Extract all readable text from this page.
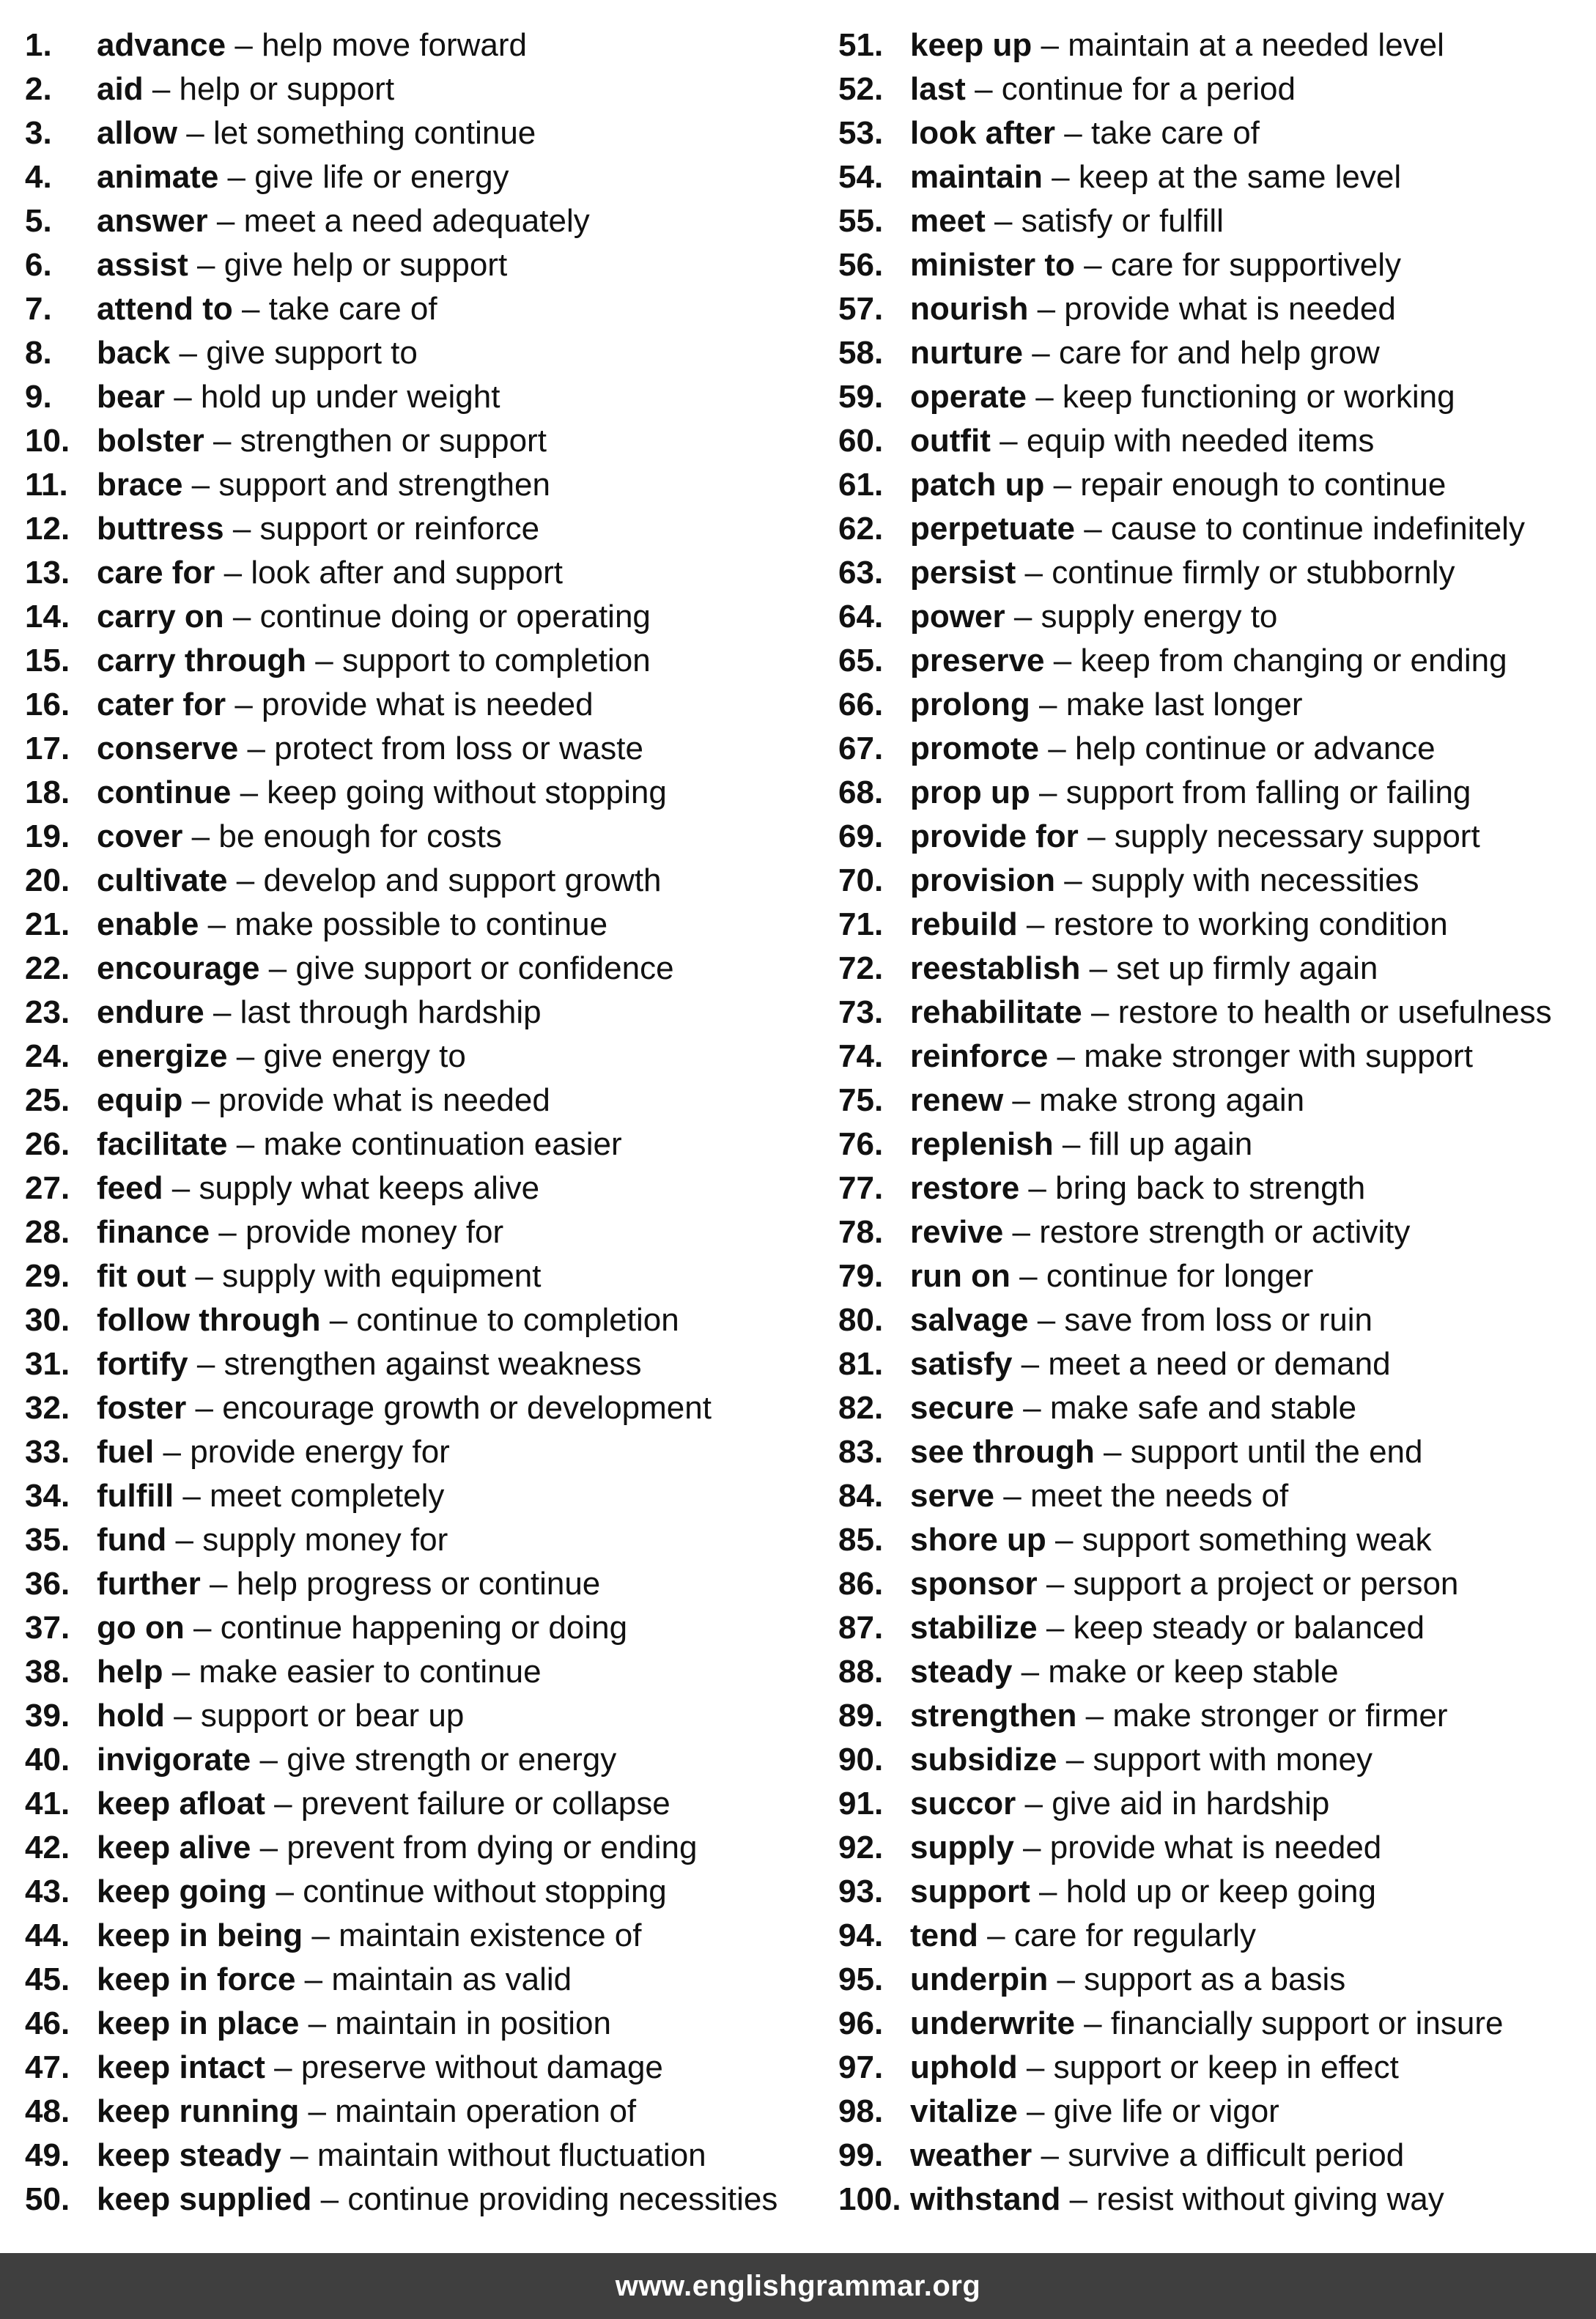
1. advance – help move forward
2. aid – help or support
3. allow – let something continue
4. animate – give life or energy
5. answer – meet a need adequately
6. assist – give help or support
7. attend to – take care of
8. back – give support to
9. bear – hold up under weight
10. bolster – strengthen or support
11. brace – support and strengthen
12. buttress – support or reinforce
13. care for – look after and support
14. carry on – continue doing or operating
15. carry through – support to completion
16. cater for – provide what is needed
17. conserve – protect from loss or waste
18. continue – keep going without stopping
19. cover – be enough for costs
20. cultivate – develop and support growth
21. enable – make possible to continue
22. encourage – give support or confidence
23. endure – last through hardship
24. energize – give energy to
25. equip – provide what is needed
26. facilitate – make continuation easier
27. feed – supply what keeps alive
28. finance – provide money for
29. fit out – supply with equipment
30. follow through – continue to completion
31. fortify – strengthen against weakness
32. foster – encourage growth or development
33. fuel – provide energy for
34. fulfill – meet completely
35. fund – supply money for
36. further – help progress or continue
37. go on – continue happening or doing
38. help – make easier to continue
39. hold – support or bear up
40. invigorate – give strength or energy
41. keep afloat – prevent failure or collapse
42. keep alive – prevent from dying or ending
43. keep going – continue without stopping
44. keep in being – maintain existence of
45. keep in force – maintain as valid
46. keep in place – maintain in position
47. keep intact – preserve without damage
48. keep running – maintain operation of
49. keep steady – maintain without fluctuation
50. keep supplied – continue providing necessities
51. keep up – maintain at a needed level
52. last – continue for a period
53. look after – take care of
54. maintain – keep at the same level
55. meet – satisfy or fulfill
56. minister to – care for supportively
57. nourish – provide what is needed
58. nurture – care for and help grow
59. operate – keep functioning or working
60. outfit – equip with needed items
61. patch up – repair enough to continue
62. perpetuate – cause to continue indefinitely
63. persist – continue firmly or stubbornly
64. power – supply energy to
65. preserve – keep from changing or ending
66. prolong – make last longer
67. promote – help continue or advance
68. prop up – support from falling or failing
69. provide for – supply necessary support
70. provision – supply with necessities
71. rebuild – restore to working condition
72. reestablish – set up firmly again
73. rehabilitate – restore to health or usefulness
74. reinforce – make stronger with support
75. renew – make strong again
76. replenish – fill up again
77. restore – bring back to strength
78. revive – restore strength or activity
79. run on – continue for longer
80. salvage – save from loss or ruin
81. satisfy – meet a need or demand
82. secure – make safe and stable
83. see through – support until the end
84. serve – meet the needs of
85. shore up – support something weak
86. sponsor – support a project or person
87. stabilize – keep steady or balanced
88. steady – make or keep stable
89. strengthen – make stronger or firmer
90. subsidize – support with money
91. succor – give aid in hardship
92. supply – provide what is needed
93. support – hold up or keep going
94. tend – care for regularly
95. underpin – support as a basis
96. underwrite – financially support or insure
97. uphold – support or keep in effect
98. vitalize – give life or vigor
99. weather – survive a difficult period
100. withstand – resist without giving way
www.englishgrammar.org
